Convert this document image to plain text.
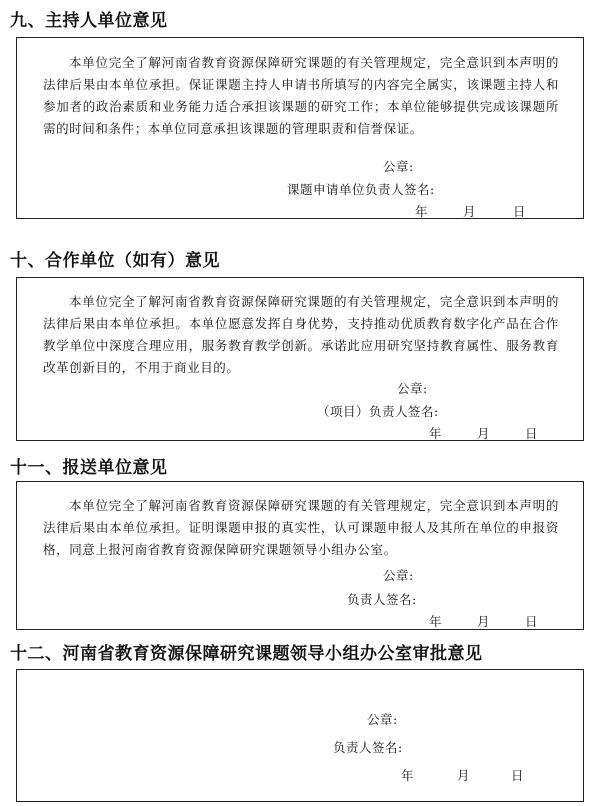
九、主持人单位意见
本单位完全了解河南省教育资源保障研究课题的有关管理规定，完全意识到本声明的法律后果由本单位承担。保证课题主持人申请书所填写的内容完全属实，该课题主持人和参加者的政治素质和业务能力适合承担该课题的研究工作；本单位能够提供完成该课题所需的时间和条件；本单位同意承担该课题的管理职责和信誉保证。
公章:
课题申请单位负责人签名:
年	月	日
十、合作单位（如有）意见
本单位完全了解河南省教育资源保障研究课题的有关管理规定，完全意识到本声明的法律后果由本单位承担。本单位愿意发挥自身优势，支持推动优质教育数字化产品在合作教学单位中深度合理应用，服务教育教学创新。承诺此应用研究坚持教育属性、服务教育改革创新目的，不用于商业目的。
公章:
（项目）负责人签名:
年	月	日
十一、报送单位意见
本单位完全了解河南省教育资源保障研究课题的有关管理规定，完全意识到本声明的法律后果由本单位承担。证明课题申报的真实性，认可课题申报人及其所在单位的申报资格，同意上报河南省教育资源保障研究课题领导小组办公室。
公章:
负责人签名:
年	月	日
十二、河南省教育资源保障研究课题领导小组办公室审批意见
公章:
负责人签名:
年	月	日
